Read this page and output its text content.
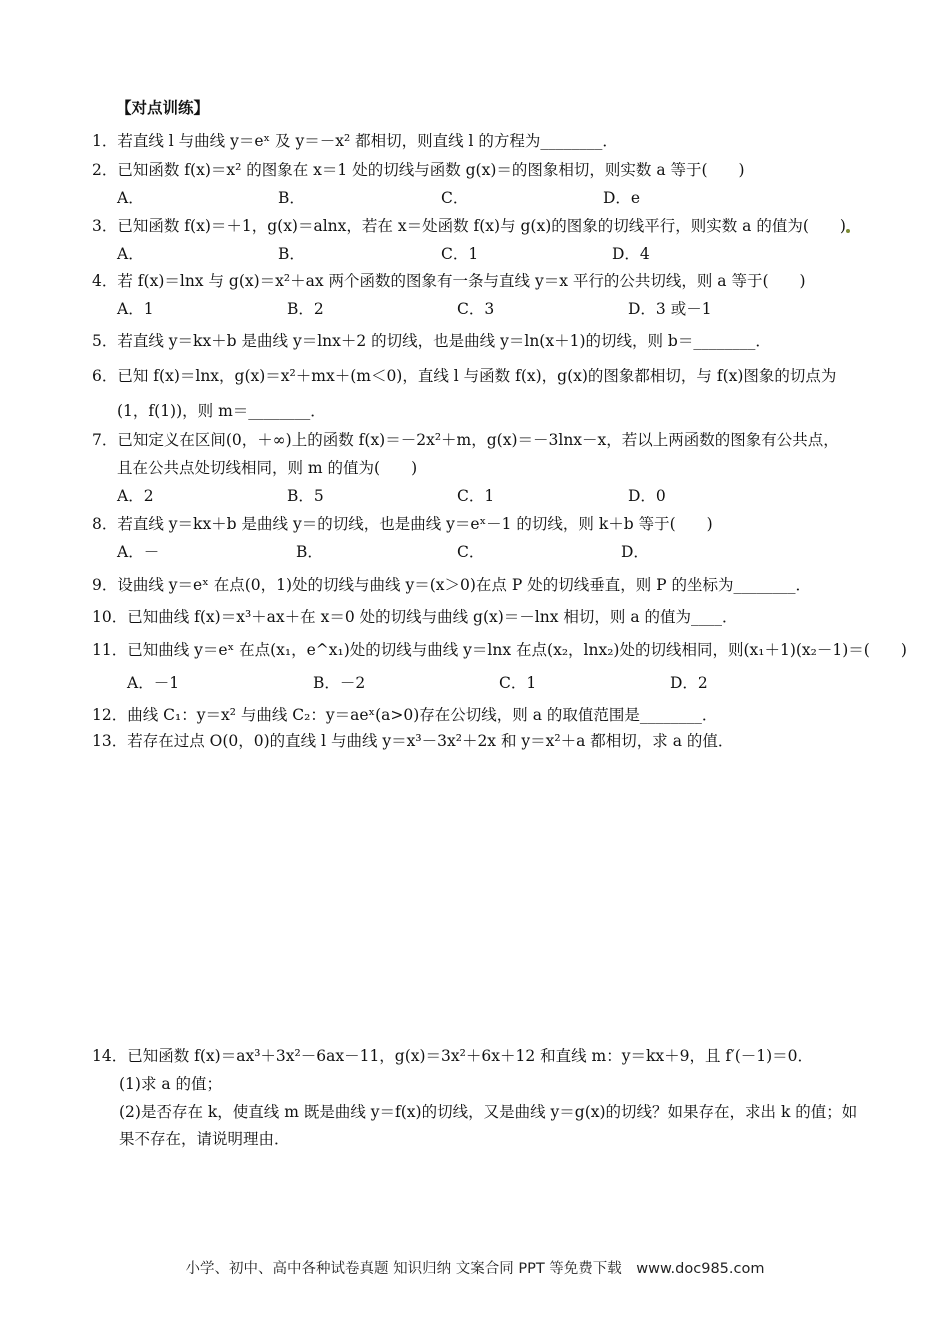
【对点训练】
1．若直线 l 与曲线 y＝eˣ 及 y＝－x² 都相切，则直线 l 的方程为________．
2．已知函数 f(x)＝x² 的图象在 x＝1 处的切线与函数 g(x)＝的图象相切，则实数 a 等于(　　)
A．	B．	C．	D．e
3．已知函数 f(x)＝＋1，g(x)＝alnx，若在 x＝处函数 f(x)与 g(x)的图象的切线平行，则实数 a 的值为(　　)
A．	B．	C．1	D．4
4．若 f(x)＝lnx 与 g(x)＝x²＋ax 两个函数的图象有一条与直线 y＝x 平行的公共切线，则 a 等于(　　)
A．1	B．2	C．3	D．3 或－1
5．若直线 y＝kx＋b 是曲线 y＝lnx＋2 的切线，也是曲线 y＝ln(x＋1)的切线，则 b＝________．
6．已知 f(x)＝lnx，g(x)＝x²＋mx＋(m＜0)，直线 l 与函数 f(x)，g(x)的图象都相切，与 f(x)图象的切点为
(1，f(1))，则 m＝________．
7．已知定义在区间(0，＋∞)上的函数 f(x)＝－2x²＋m，g(x)＝－3lnx－x，若以上两函数的图象有公共点，
且在公共点处切线相同，则 m 的值为(　　)
A．2	B．5	C．1	D．0
8．若直线 y＝kx＋b 是曲线 y＝的切线，也是曲线 y＝eˣ－1 的切线，则 k＋b 等于(　　)
A．－	B．	C．	D．
9．设曲线 y＝eˣ 在点(0，1)处的切线与曲线 y＝(x＞0)在点 P 处的切线垂直，则 P 的坐标为________．
10．已知曲线 f(x)＝x³＋ax＋在 x＝0 处的切线与曲线 g(x)＝－lnx 相切，则 a 的值为____．
11．已知曲线 y＝eˣ 在点(x₁，e^x₁)处的切线与曲线 y＝lnx 在点(x₂，lnx₂)处的切线相同，则(x₁＋1)(x₂－1)＝(　　)
A．－1	B．－2	C．1	D．2
12．曲线 C₁：y＝x² 与曲线 C₂：y＝aeˣ(a>0)存在公切线，则 a 的取值范围是________．
13．若存在过点 O(0，0)的直线 l 与曲线 y＝x³－3x²＋2x 和 y＝x²＋a 都相切，求 a 的值．
14．已知函数 f(x)＝ax³＋3x²－6ax－11，g(x)＝3x²＋6x＋12 和直线 m：y＝kx＋9，且 f′(－1)＝0．
(1)求 a 的值；
(2)是否存在 k，使直线 m 既是曲线 y＝f(x)的切线，又是曲线 y＝g(x)的切线？如果存在，求出 k 的值；如
果不存在，请说明理由．
小学、初中、高中各种试卷真题 知识归纳 文案合同 PPT 等免费下载　www.doc985.com
